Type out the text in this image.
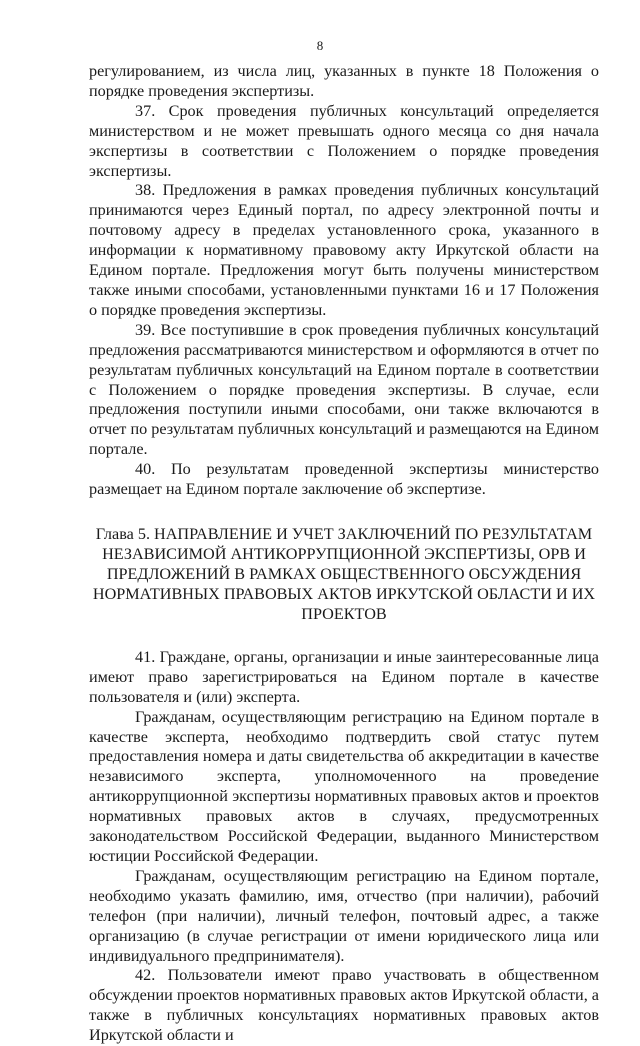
8

регулированием, из числа лиц, указанных в пункте 18 Положения о порядке проведения экспертизы.

37. Срок проведения публичных консультаций определяется министерством и не может превышать одного месяца со дня начала экспертизы в соответствии с Положением о порядке проведения экспертизы.

38. Предложения в рамках проведения публичных консультаций принимаются через Единый портал, по адресу электронной почты и почтовому адресу в пределах установленного срока, указанного в информации к нормативному правовому акту Иркутской области на Едином портале. Предложения могут быть получены министерством также иными способами, установленными пунктами 16 и 17 Положения о порядке проведения экспертизы.

39. Все поступившие в срок проведения публичных консультаций предложения рассматриваются министерством и оформляются в отчет по результатам публичных консультаций на Едином портале в соответствии с Положением о порядке проведения экспертизы. В случае, если предложения поступили иными способами, они также включаются в отчет по результатам публичных консультаций и размещаются на Едином портале.

40. По результатам проведенной экспертизы министерство размещает на Едином портале заключение об экспертизе.

Глава 5. НАПРАВЛЕНИЕ И УЧЕТ ЗАКЛЮЧЕНИЙ ПО РЕЗУЛЬТАТАМ НЕЗАВИСИМОЙ АНТИКОРРУПЦИОННОЙ ЭКСПЕРТИЗЫ, ОРВ И ПРЕДЛОЖЕНИЙ В РАМКАХ ОБЩЕСТВЕННОГО ОБСУЖДЕНИЯ НОРМАТИВНЫХ ПРАВОВЫХ АКТОВ ИРКУТСКОЙ ОБЛАСТИ И ИХ ПРОЕКТОВ

41. Граждане, органы, организации и иные заинтересованные лица имеют право зарегистрироваться на Едином портале в качестве пользователя и (или) эксперта.

Гражданам, осуществляющим регистрацию на Едином портале в качестве эксперта, необходимо подтвердить свой статус путем предоставления номера и даты свидетельства об аккредитации в качестве независимого эксперта, уполномоченного на проведение антикоррупционной экспертизы нормативных правовых актов и проектов нормативных правовых актов в случаях, предусмотренных законодательством Российской Федерации, выданного Министерством юстиции Российской Федерации.

Гражданам, осуществляющим регистрацию на Едином портале, необходимо указать фамилию, имя, отчество (при наличии), рабочий телефон (при наличии), личный телефон, почтовый адрес, а также организацию (в случае регистрации от имени юридического лица или индивидуального предпринимателя).

42. Пользователи имеют право участвовать в общественном обсуждении проектов нормативных правовых актов Иркутской области, а также в публичных консультациях нормативных правовых актов Иркутской области и
